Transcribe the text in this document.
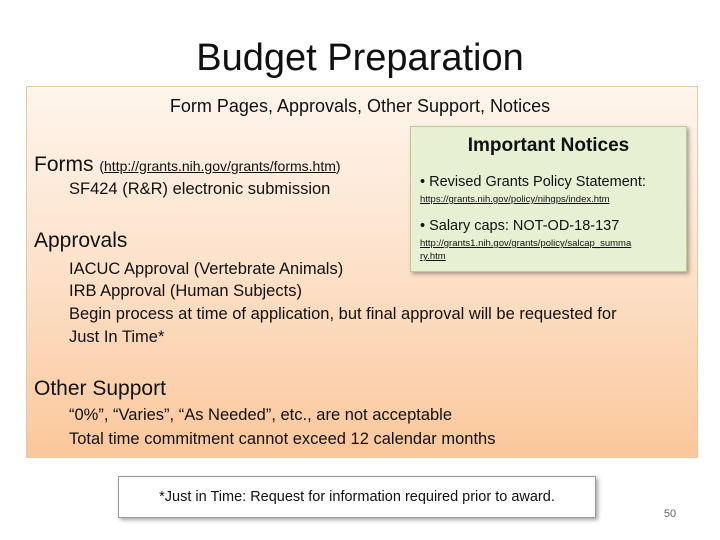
Budget Preparation
Form Pages, Approvals, Other Support, Notices
Forms (http://grants.nih.gov/grants/forms.htm)
SF424 (R&R) electronic submission
Approvals
IACUC Approval (Vertebrate Animals)
IRB Approval (Human Subjects)
Begin process at time of application, but final approval will be requested for
Just In Time*
Other Support
“0%”, “Varies”, “As Needed”, etc., are not acceptable
Total time commitment cannot exceed 12 calendar months
Important Notices
• Revised Grants Policy Statement:
https://grants.nih.gov/policy/nihgps/index.htm
• Salary caps: NOT-OD-18-137
http://grants1.nih.gov/grants/policy/salcap_summa
ry.htm
*Just in Time: Request for information required prior to award.
50
